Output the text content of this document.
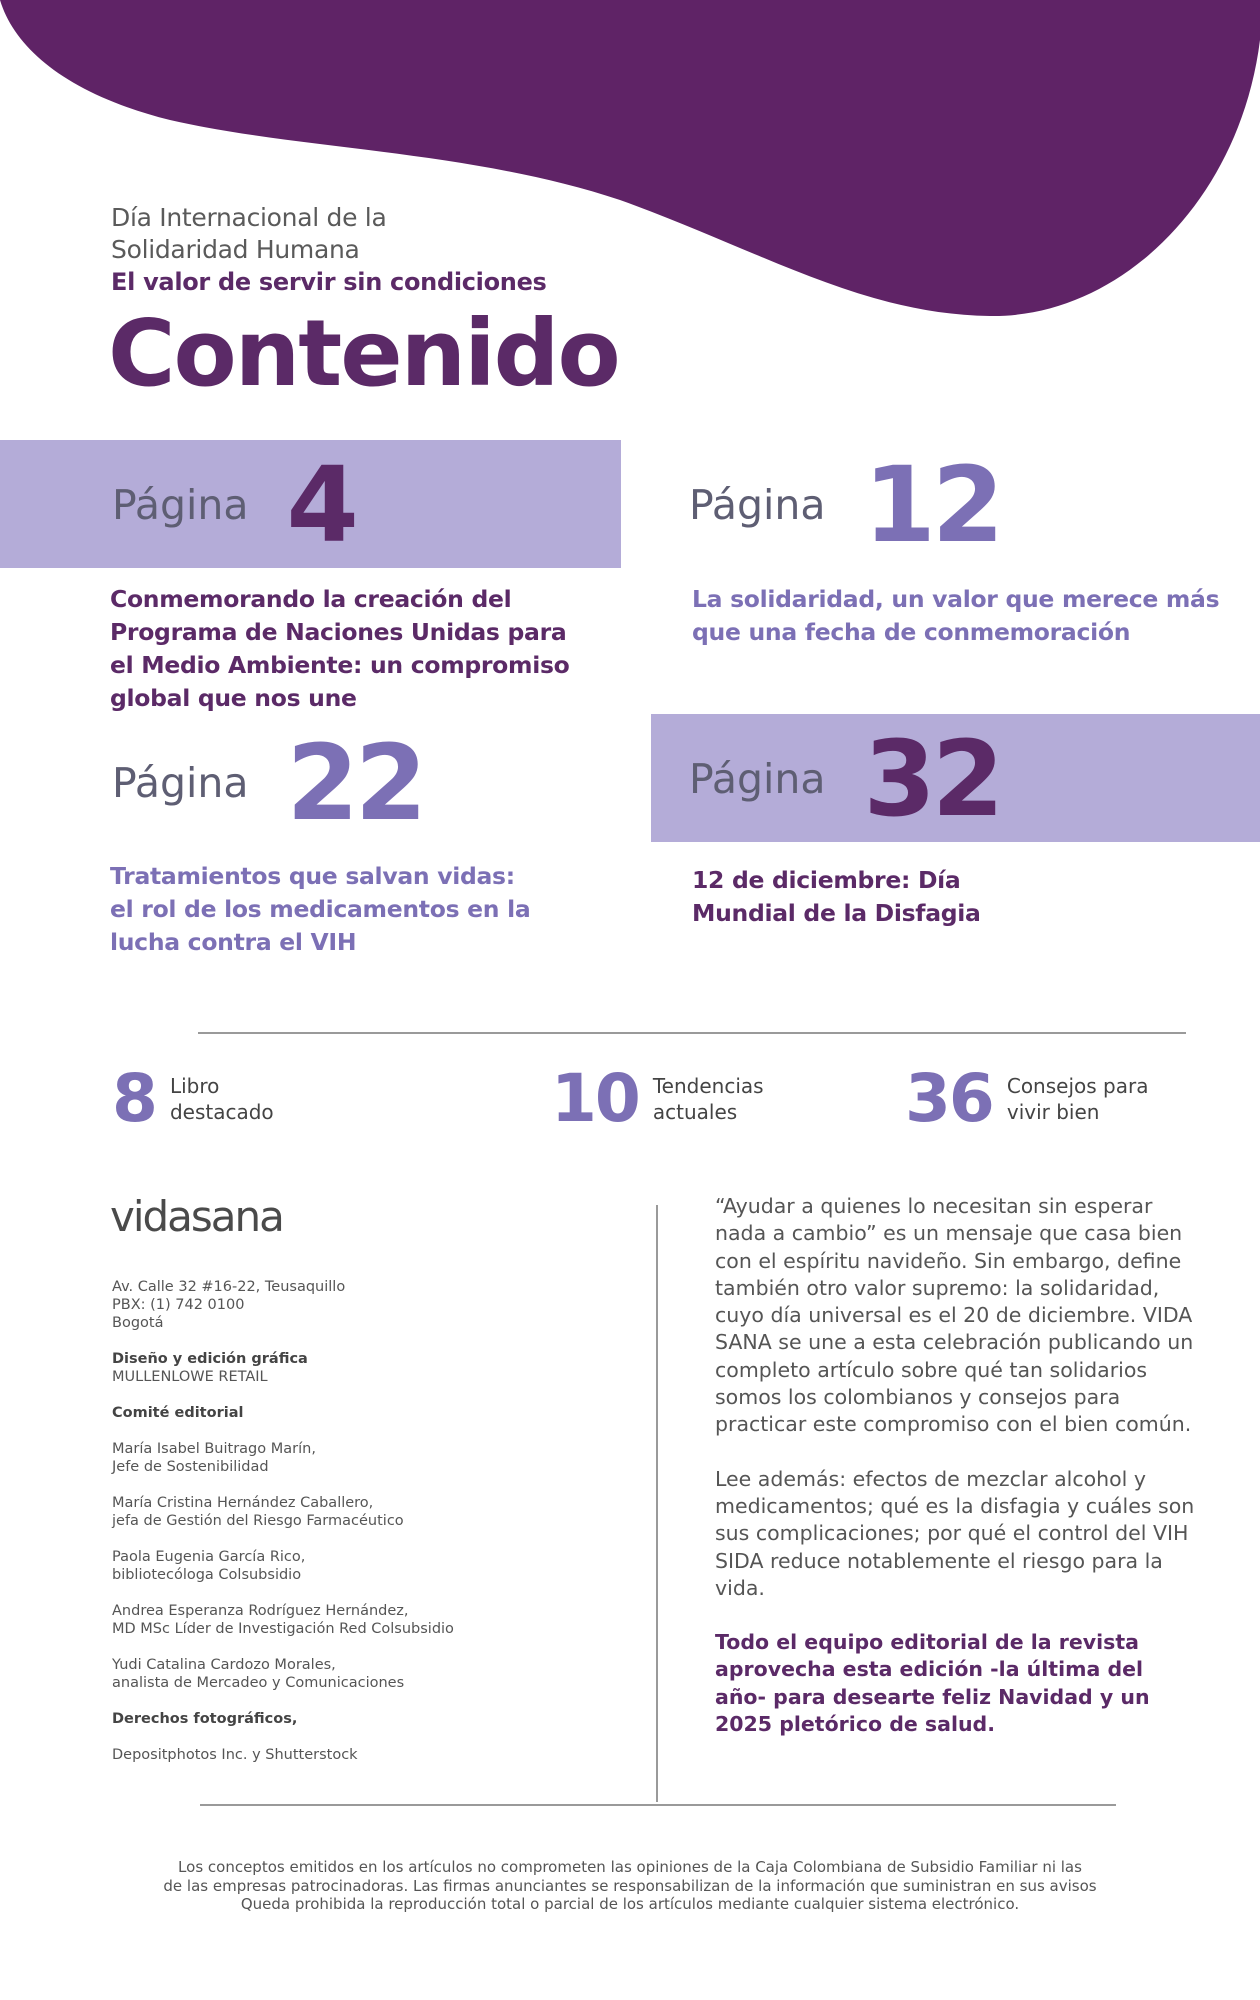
Día Internacional de la
Solidaridad Humana
El valor de servir sin condiciones
Contenido
Página 4
Conmemorando la creación del Programa de Naciones Unidas para el Medio Ambiente: un compromiso global que nos une
Página 12
La solidaridad, un valor que merece más que una fecha de conmemoración
Página 22
Tratamientos que salvan vidas: el rol de los medicamentos en la lucha contra el VIH
Página 32
12 de diciembre: Día Mundial de la Disfagia
8 Libro
destacado	10 Tendencias
actuales	36 Consejos para
vivir bien
vidasana

Av. Calle 32 #16-22, Teusaquillo
PBX: (1) 742 0100
Bogotá

Diseño y edición gráfica
MULLENLOWE RETAIL

Comité editorial

María Isabel Buitrago Marín,
Jefe de Sostenibilidad

María Cristina Hernández Caballero,
jefa de Gestión del Riesgo Farmacéutico

Paola Eugenia García Rico,
bibliotecóloga Colsubsidio

Andrea Esperanza Rodríguez Hernández,
MD MSc Líder de Investigación Red Colsubsidio

Yudi Catalina Cardozo Morales,
analista de Mercadeo y Comunicaciones

Derechos fotográficos,

Depositphotos Inc. y Shutterstock

“Ayudar a quienes lo necesitan sin esperar nada a cambio” es un mensaje que casa bien con el espíritu navideño. Sin embargo, define también otro valor supremo: la solidaridad, cuyo día universal es el 20 de diciembre. VIDA SANA se une a esta celebración publicando un completo artículo sobre qué tan solidarios somos los colombianos y consejos para practicar este compromiso con el bien común.

Lee además: efectos de mezclar alcohol y medicamentos; qué es la disfagia y cuáles son sus complicaciones; por qué el control del VIH SIDA reduce notablemente el riesgo para la vida.

Todo el equipo editorial de la revista aprovecha esta edición -la última del año- para desearte feliz Navidad y un 2025 pletórico de salud.

Los conceptos emitidos en los artículos no comprometen las opiniones de la Caja Colombiana de Subsidio Familiar ni las
de las empresas patrocinadoras. Las firmas anunciantes se responsabilizan de la información que suministran en sus avisos
Queda prohibida la reproducción total o parcial de los artículos mediante cualquier sistema electrónico.
